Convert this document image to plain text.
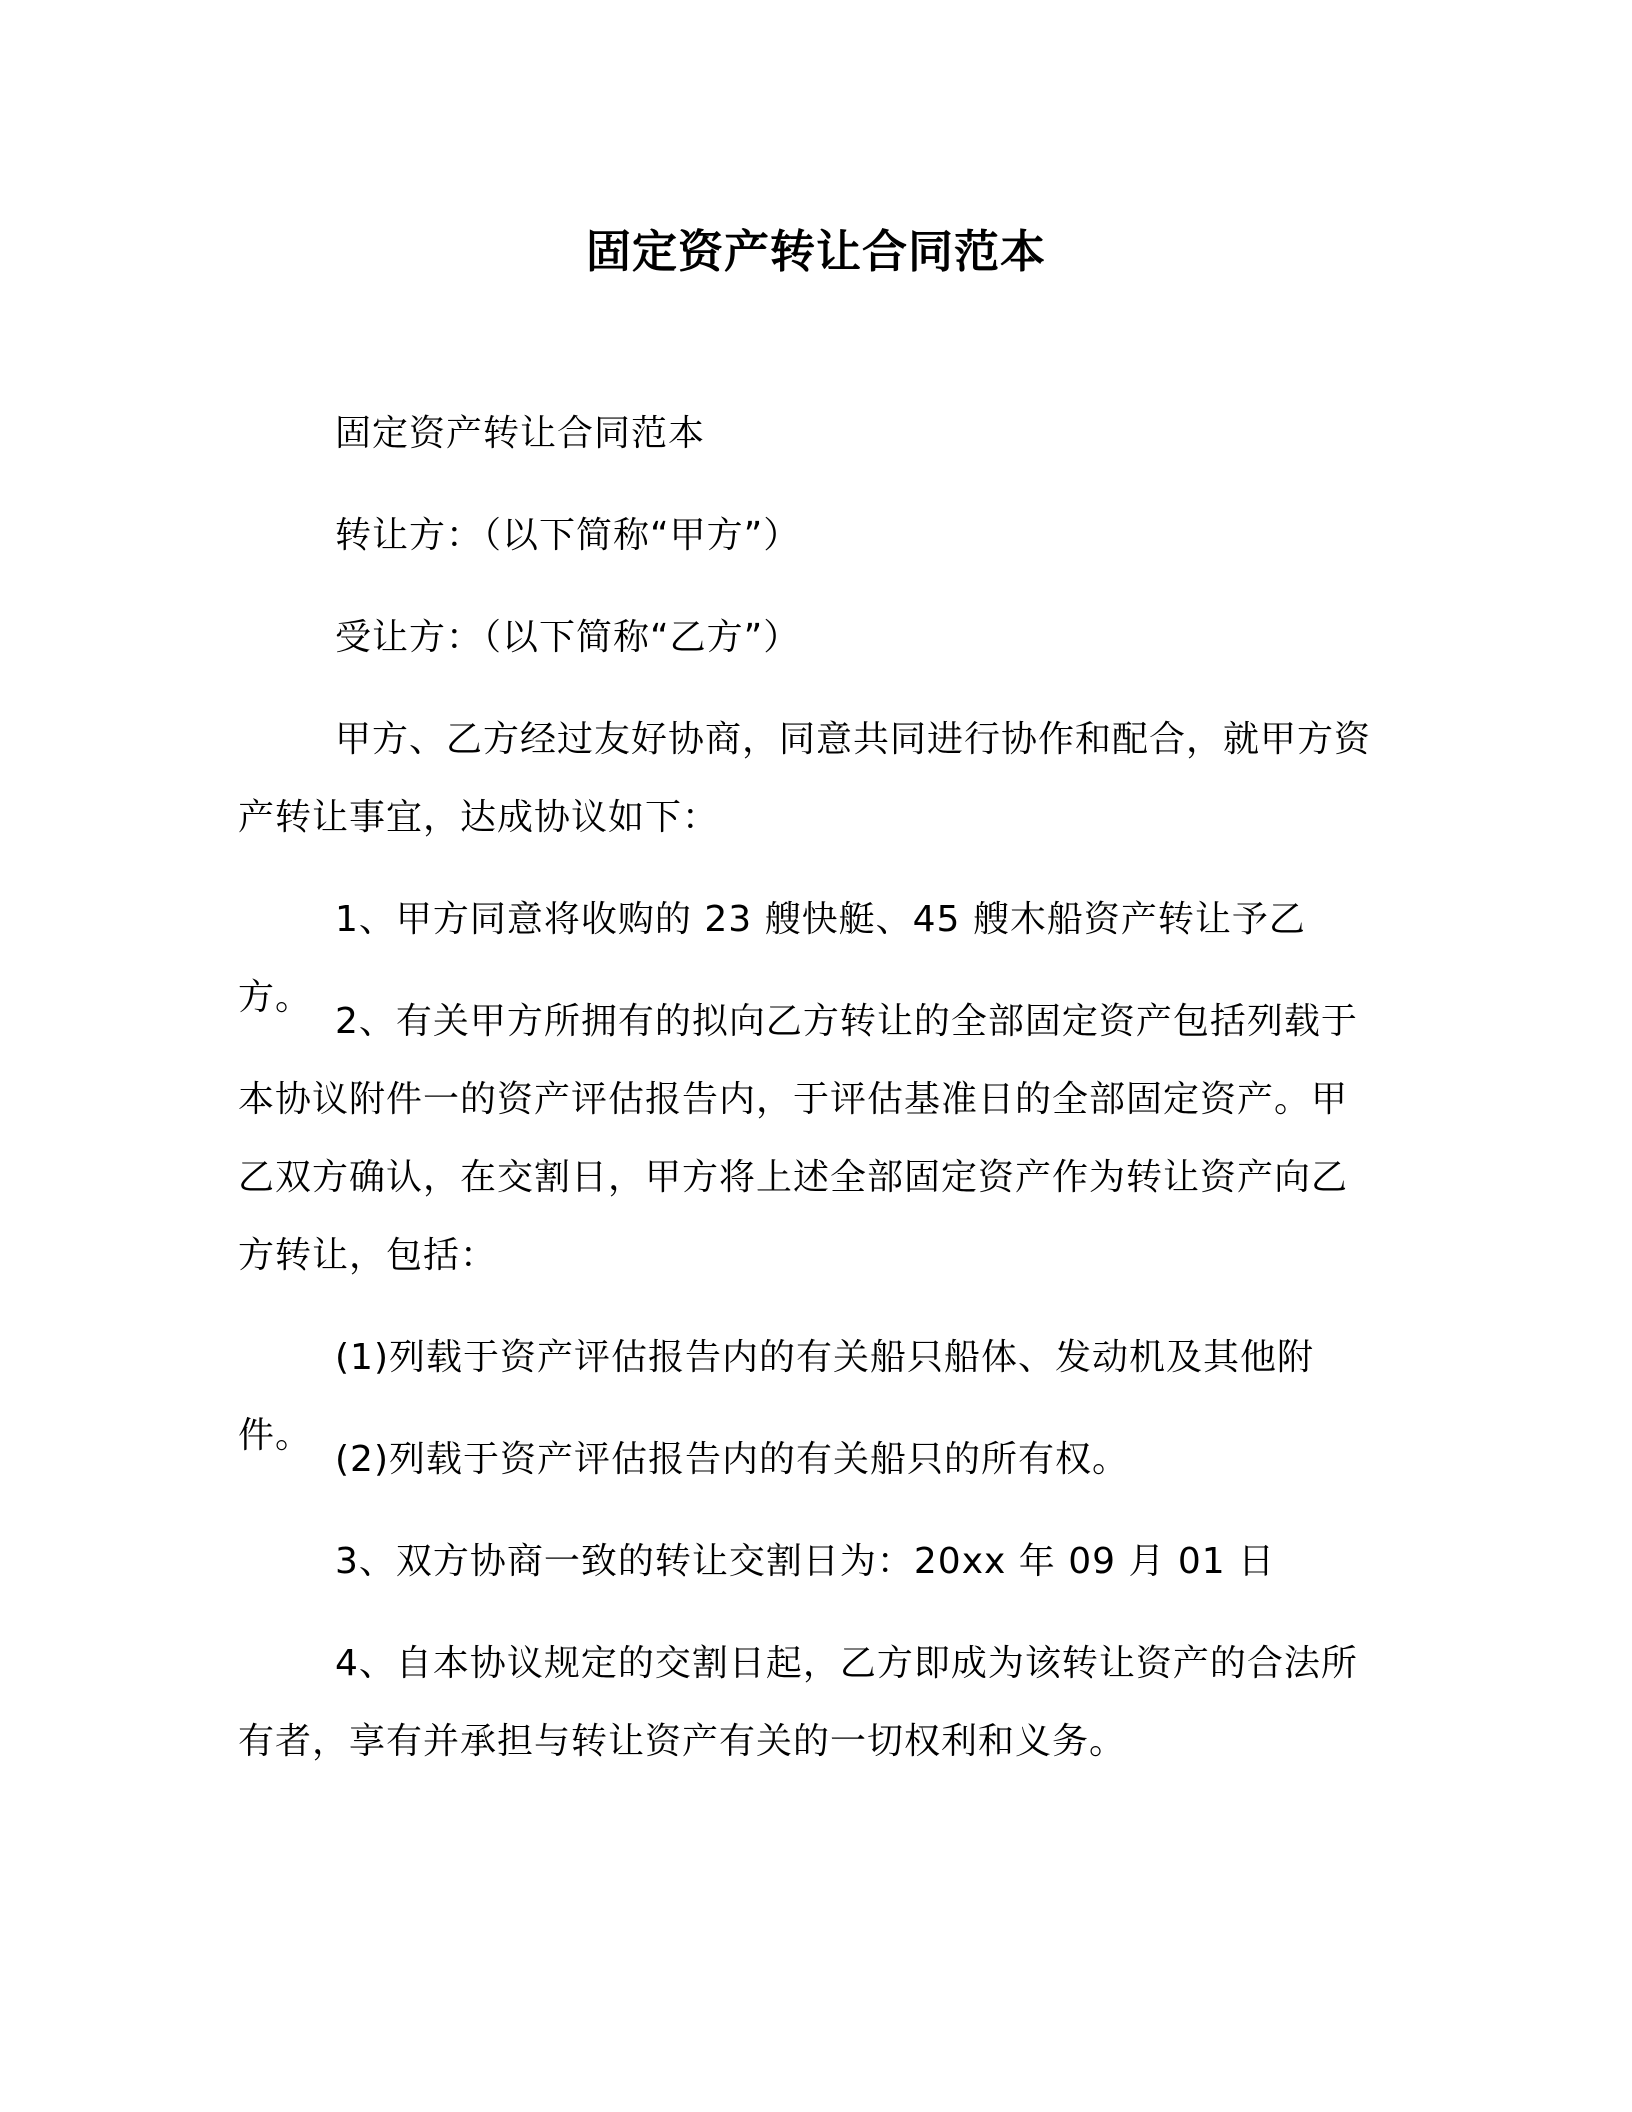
固定资产转让合同范本

固定资产转让合同范本

转让方：（以下简称“甲方”）

受让方：（以下简称“乙方”）

甲方、乙方经过友好协商，同意共同进行协作和配合，就甲方资产转让事宜，达成协议如下：

1、甲方同意将收购的 23 艘快艇、45 艘木船资产转让予乙方。

2、有关甲方所拥有的拟向乙方转让的全部固定资产包括列载于本协议附件一的资产评估报告内，于评估基准日的全部固定资产。甲乙双方确认，在交割日，甲方将上述全部固定资产作为转让资产向乙方转让，包括：

(1)列载于资产评估报告内的有关船只船体、发动机及其他附件。

(2)列载于资产评估报告内的有关船只的所有权。

3、双方协商一致的转让交割日为：20xx 年 09 月 01 日

4、自本协议规定的交割日起，乙方即成为该转让资产的合法所有者，享有并承担与转让资产有关的一切权利和义务。
